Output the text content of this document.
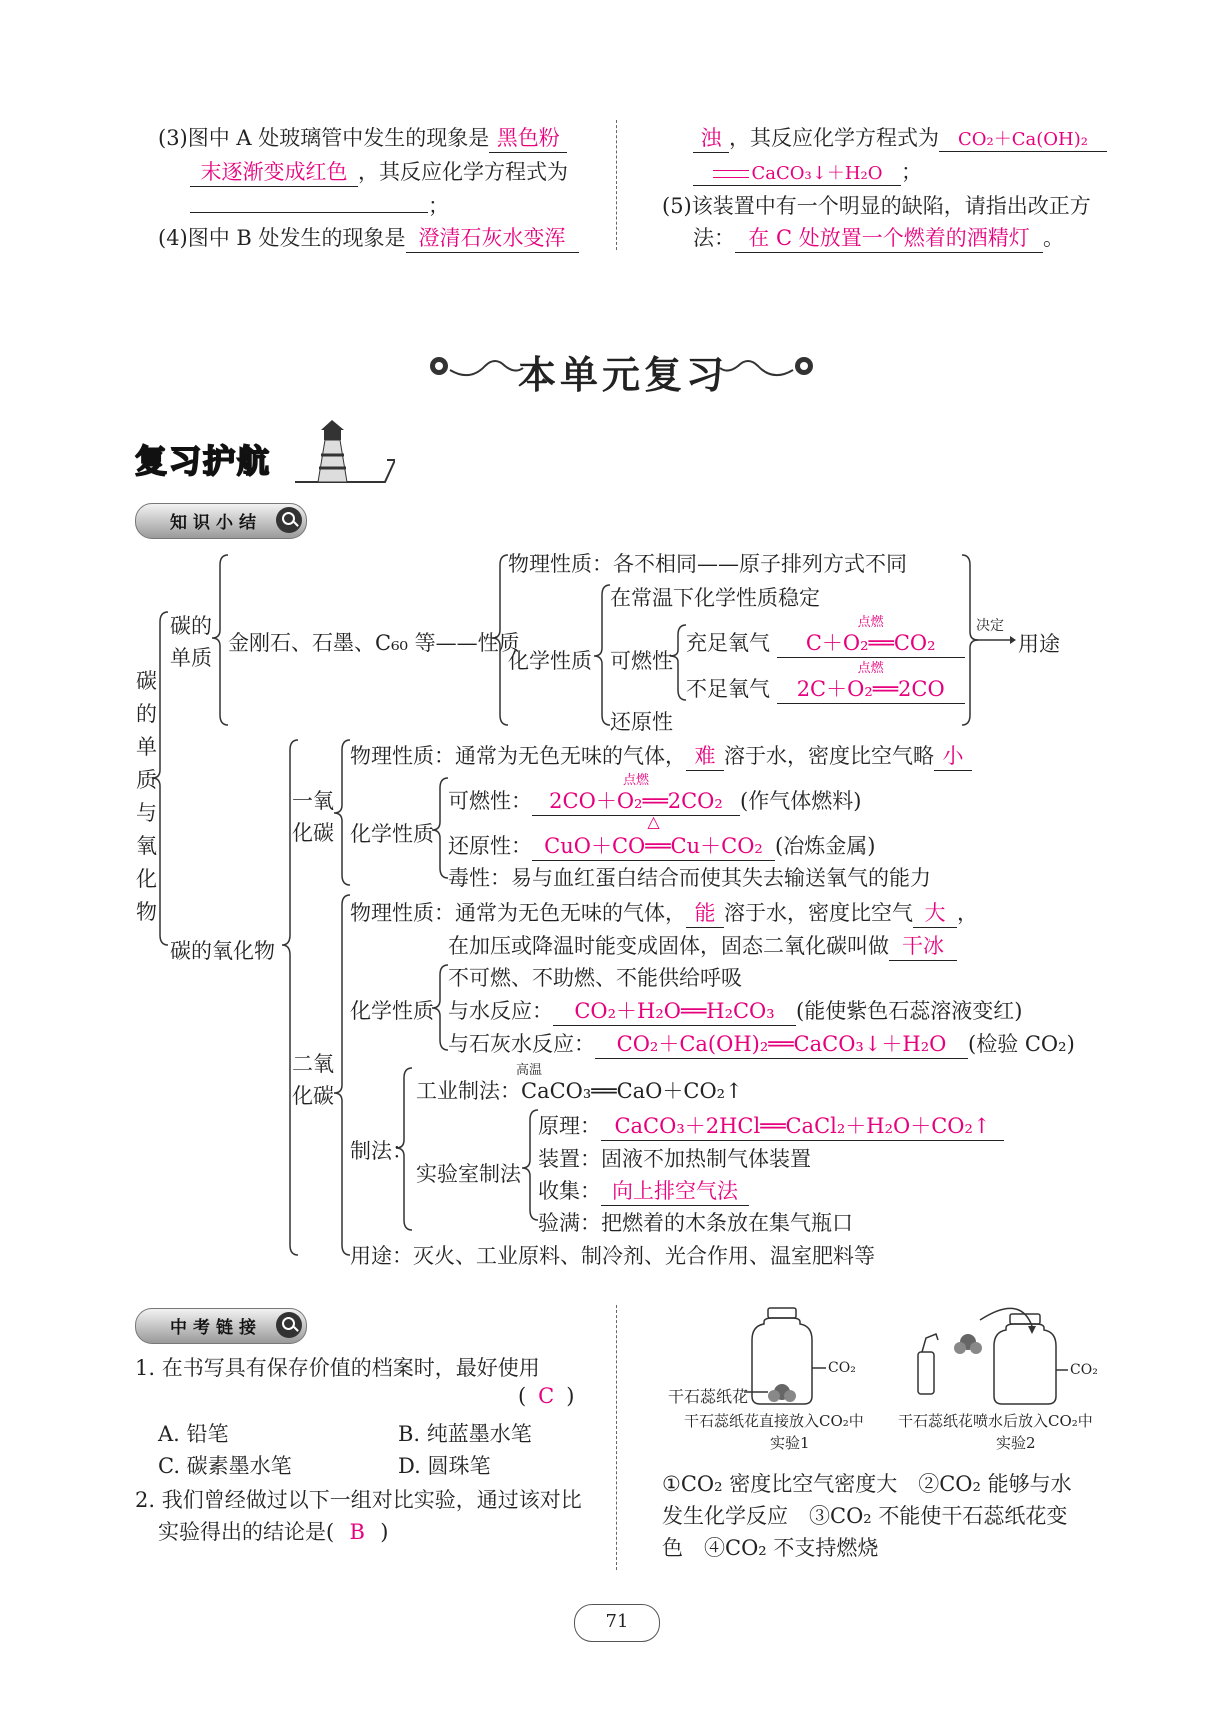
(3)图中 A 处玻璃管中发生的现象是 黑色粉
末逐渐变成红色 ，其反应化学方程式为
；
(4)图中 B 处发生的现象是 澄清石灰水变浑
浊 ，其反应化学方程式为 CO₂＋Ca(OH)₂
CaCO₃↓＋H₂O ；
(5)该装置中有一个明显的缺陷，请指出改正方
法： 在 C 处放置一个燃着的酒精灯 。
本单元复习
复习护航
知识小结
碳
的
单
质
与
氧
化
物
碳的
单质
金刚石、石墨、C₆₀ 等——性质
物理性质：各不相同——原子排列方式不同
化学性质
在常温下化学性质稳定
可燃性
充足氧气
点燃
C＋O₂══CO₂
不足氧气
点燃
2C＋O₂══2CO
还原性
决定
用途
碳的氧化物
一氧
化碳
物理性质：通常为无色无味的气体， 难 溶于水，密度比空气略 小
化学性质
可燃性：
点燃
2CO＋O₂══2CO₂ (作气体燃料)
还原性：
△
CuO＋CO══Cu＋CO₂ (冶炼金属)
毒性：易与血红蛋白结合而使其失去输送氧气的能力
二氧
化碳
物理性质：通常为无色无味的气体， 能 溶于水，密度比空气 大 ，
在加压或降温时能变成固体，固态二氧化碳叫做 干冰
化学性质
不可燃、不助燃、不能供给呼吸
与水反应： CO₂＋H₂O══H₂CO₃ (能使紫色石蕊溶液变红)
与石灰水反应： CO₂＋Ca(OH)₂══CaCO₃↓＋H₂O (检验 CO₂)
制法：
高温
工业制法：CaCO₃══CaO＋CO₂↑
实验室制法
原理： CaCO₃＋2HCl══CaCl₂＋H₂O＋CO₂↑
装置：固液不加热制气体装置
收集： 向上排空气法
验满：把燃着的木条放在集气瓶口
用途：灭火、工业原料、制冷剂、光合作用、温室肥料等
中考链接
1. 在书写具有保存价值的档案时，最好使用
( C )
A. 铅笔	B. 纯蓝墨水笔
C. 碳素墨水笔	D. 圆珠笔
2. 我们曾经做过以下一组对比实验，通过该对比
实验得出的结论是( B )
CO₂
干石蕊纸花
干石蕊纸花直接放入CO₂中
实验1
CO₂
干石蕊纸花喷水后放入CO₂中
实验2
①CO₂ 密度比空气密度大　②CO₂ 能够与水
发生化学反应　③CO₂ 不能使干石蕊纸花变
色　④CO₂ 不支持燃烧
71
